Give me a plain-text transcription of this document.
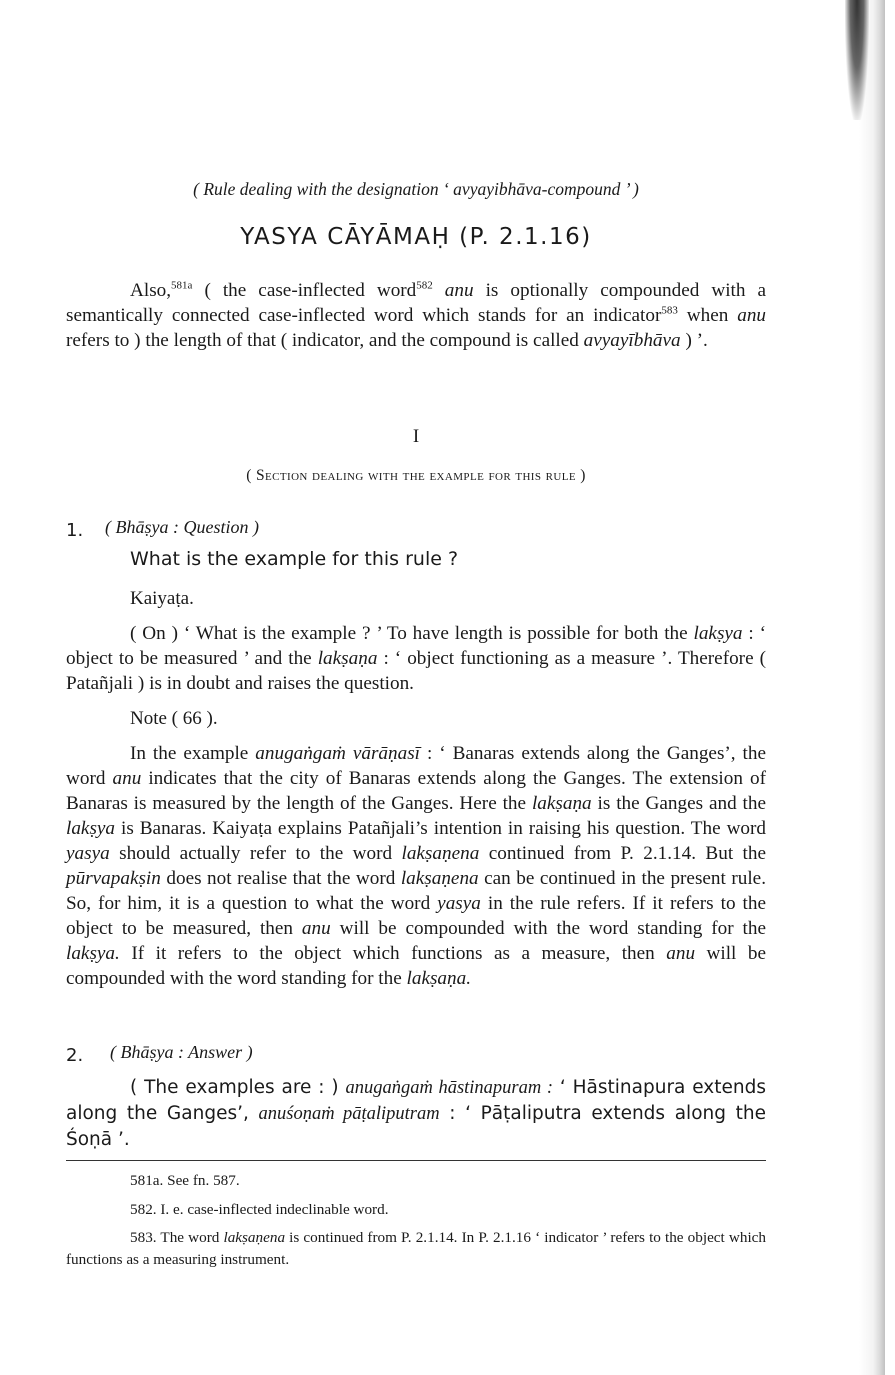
( Rule dealing with the designation ‘ avyayibhāva-compound ’ )
YASYA CĀYĀMAḤ (P. 2.1.16)

Also,$^{581a}$ ( the case-inflected word$^{582}$ anu is optionally compounded with a semantically connected case-inflected word which stands for an indicator$^{583}$ when anu refers to ) the length of that ( indicator, and the compound is called avyayībhāva ) ’.

I
( Section dealing with the example for this rule )
1. ( Bhāṣya : Question )
What is the example for this rule ?
Kaiyaṭa.

( On ) ‘ What is the example ? ’ To have length is possible for both the lakṣya : ‘ object to be measured ’ and the lakṣaṇa : ‘ object functioning as a measure ’. Therefore ( Patañjali ) is in doubt and raises the question.

Note ( 66 ).

In the example anugaṅgaṁ vārāṇasī : ‘ Banaras extends along the Ganges’, the word anu indicates that the city of Banaras extends along the Ganges. The extension of Banaras is measured by the length of the Ganges. Here the lakṣaṇa is the Ganges and the lakṣya is Banaras. Kaiyaṭa explains Patañjali’s intention in raising his question. The word yasya should actually refer to the word lakṣaṇena continued from P. 2.1.14. But the pūrvapakṣin does not realise that the word lakṣaṇena can be continued in the present rule. So, for him, it is a question to what the word yasya in the rule refers. If it refers to the object to be measured, then anu will be compounded with the word standing for the lakṣya. If it refers to the object which functions as a measure, then anu will be compounded with the word standing for the lakṣaṇa.

2. ( Bhāṣya : Answer )

( The examples are : ) anugaṅgaṁ hāstinapuram : ‘ Hāstinapura extends along the Ganges’, anuśoṇaṁ pāṭaliputram : ‘ Pāṭaliputra extends along the Śoṇā ’.

581a. See fn. 587.
582. I. e. case-inflected indeclinable word.

583. The word lakṣaṇena is continued from P. 2.1.14. In P. 2.1.16 ‘ indicator ’ refers to the object which functions as a measuring instrument.
